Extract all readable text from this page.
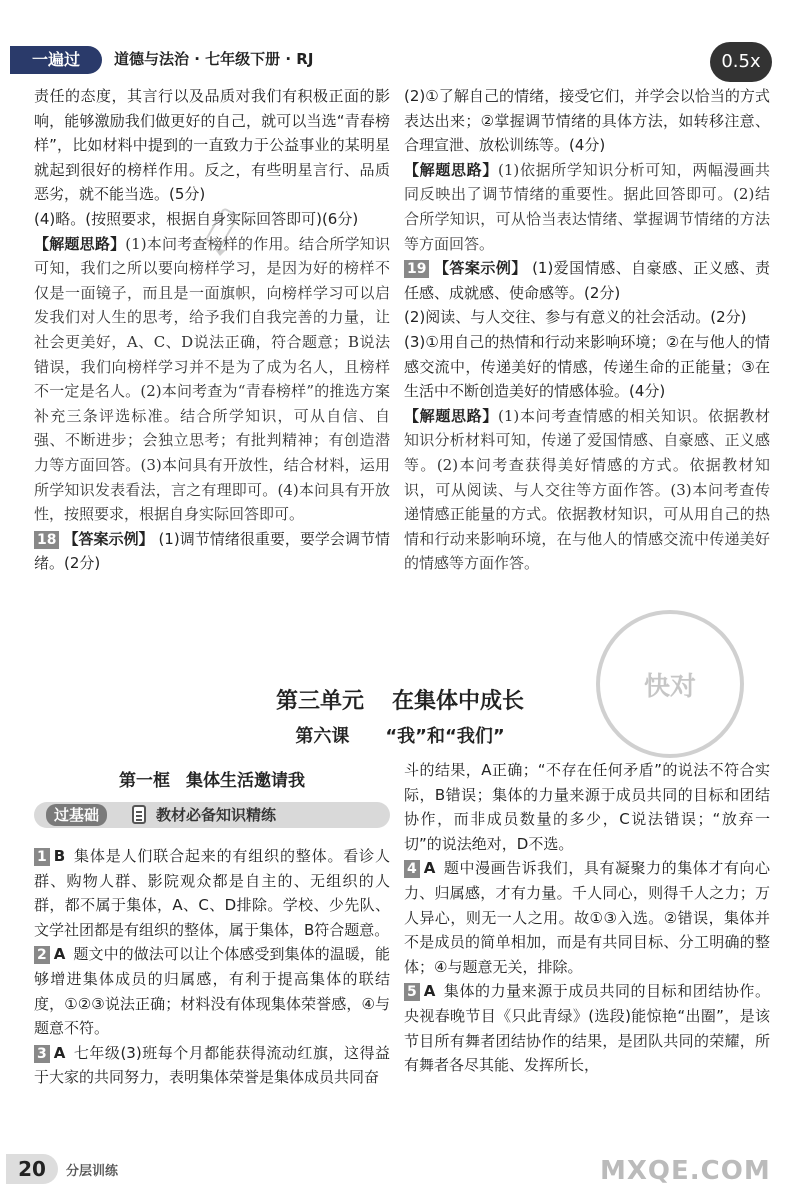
一遍过	道德与法治 · 七年级下册 · RJ	0.5x

责任的态度，其言行以及品质对我们有积极正面的影响，能够激励我们做更好的自己，就可以当选“青春榜样”，比如材料中提到的一直致力于公益事业的某明星就起到很好的榜样作用。反之，有些明星言行、品质恶劣，就不能当选。(5分)

(4)略。(按照要求，根据自身实际回答即可)(6分)

【解题思路】(1)本问考查榜样的作用。结合所学知识可知，我们之所以要向榜样学习，是因为好的榜样不仅是一面镜子，而且是一面旗帜，向榜样学习可以启发我们对人生的思考，给予我们自我完善的力量，让社会更美好，A、C、D说法正确，符合题意；B说法错误，我们向榜样学习并不是为了成为名人，且榜样不一定是名人。(2)本问考查为“青春榜样”的推选方案补充三条评选标准。结合所学知识，可从自信、自强、不断进步；会独立思考；有批判精神；有创造潜力等方面回答。(3)本问具有开放性，结合材料，运用所学知识发表看法，言之有理即可。(4)本问具有开放性，按照要求，根据自身实际回答即可。

18 【答案示例】 (1)调节情绪很重要，要学会调节情绪。(2分)

(2)①了解自己的情绪，接受它们，并学会以恰当的方式表达出来；②掌握调节情绪的具体方法，如转移注意、合理宣泄、放松训练等。(4分)

【解题思路】(1)依据所学知识分析可知，两幅漫画共同反映出了调节情绪的重要性。据此回答即可。(2)结合所学知识，可从恰当表达情绪、掌握调节情绪的方法等方面回答。

19 【答案示例】 (1)爱国情感、自豪感、正义感、责任感、成就感、使命感等。(2分)

(2)阅读、与人交往、参与有意义的社会活动。(2分)

(3)①用自己的热情和行动来影响环境；②在与他人的情感交流中，传递美好的情感，传递生命的正能量；③在生活中不断创造美好的情感体验。(4分)

【解题思路】(1)本问考查情感的相关知识。依据教材知识分析材料可知，传递了爱国情感、自豪感、正义感等。(2)本问考查获得美好情感的方式。依据教材知识，可从阅读、与人交往等方面作答。(3)本问考查传递情感正能量的方式。依据教材知识，可从用自己的热情和行动来影响环境，在与他人的情感交流中传递美好的情感等方面作答。

第三单元 在集体中成长
第六课 “我”和“我们”
第一框 集体生活邀请我
过基础	教材必备知识精练

1 B 集体是人们联合起来的有组织的整体。看诊人群、购物人群、影院观众都是自主的、无组织的人群，都不属于集体，A、C、D排除。学校、少先队、文学社团都是有组织的整体，属于集体，B符合题意。

2 A 题文中的做法可以让个体感受到集体的温暖，能够增进集体成员的归属感，有利于提高集体的联结度，①②③说法正确；材料没有体现集体荣誉感，④与题意不符。

3 A 七年级(3)班每个月都能获得流动红旗，这得益于大家的共同努力，表明集体荣誉是集体成员共同奋

斗的结果，A正确；“不存在任何矛盾”的说法不符合实际，B错误；集体的力量来源于成员共同的目标和团结协作，而非成员数量的多少，C说法错误；“放弃一切”的说法绝对，D不选。

4 A 题中漫画告诉我们，具有凝聚力的集体才有向心力、归属感，才有力量。千人同心，则得千人之力；万人异心，则无一人之用。故①③入选。②错误，集体并不是成员的简单相加，而是有共同目标、分工明确的整体；④与题意无关，排除。

5 A 集体的力量来源于成员共同的目标和团结协作。央视春晚节目《只此青绿》(选段)能惊艳“出圈”，是该节目所有舞者团结协作的结果，是团队共同的荣耀，所有舞者各尽其能、发挥所长，

快对
20	分层训练	MXQE.COM
